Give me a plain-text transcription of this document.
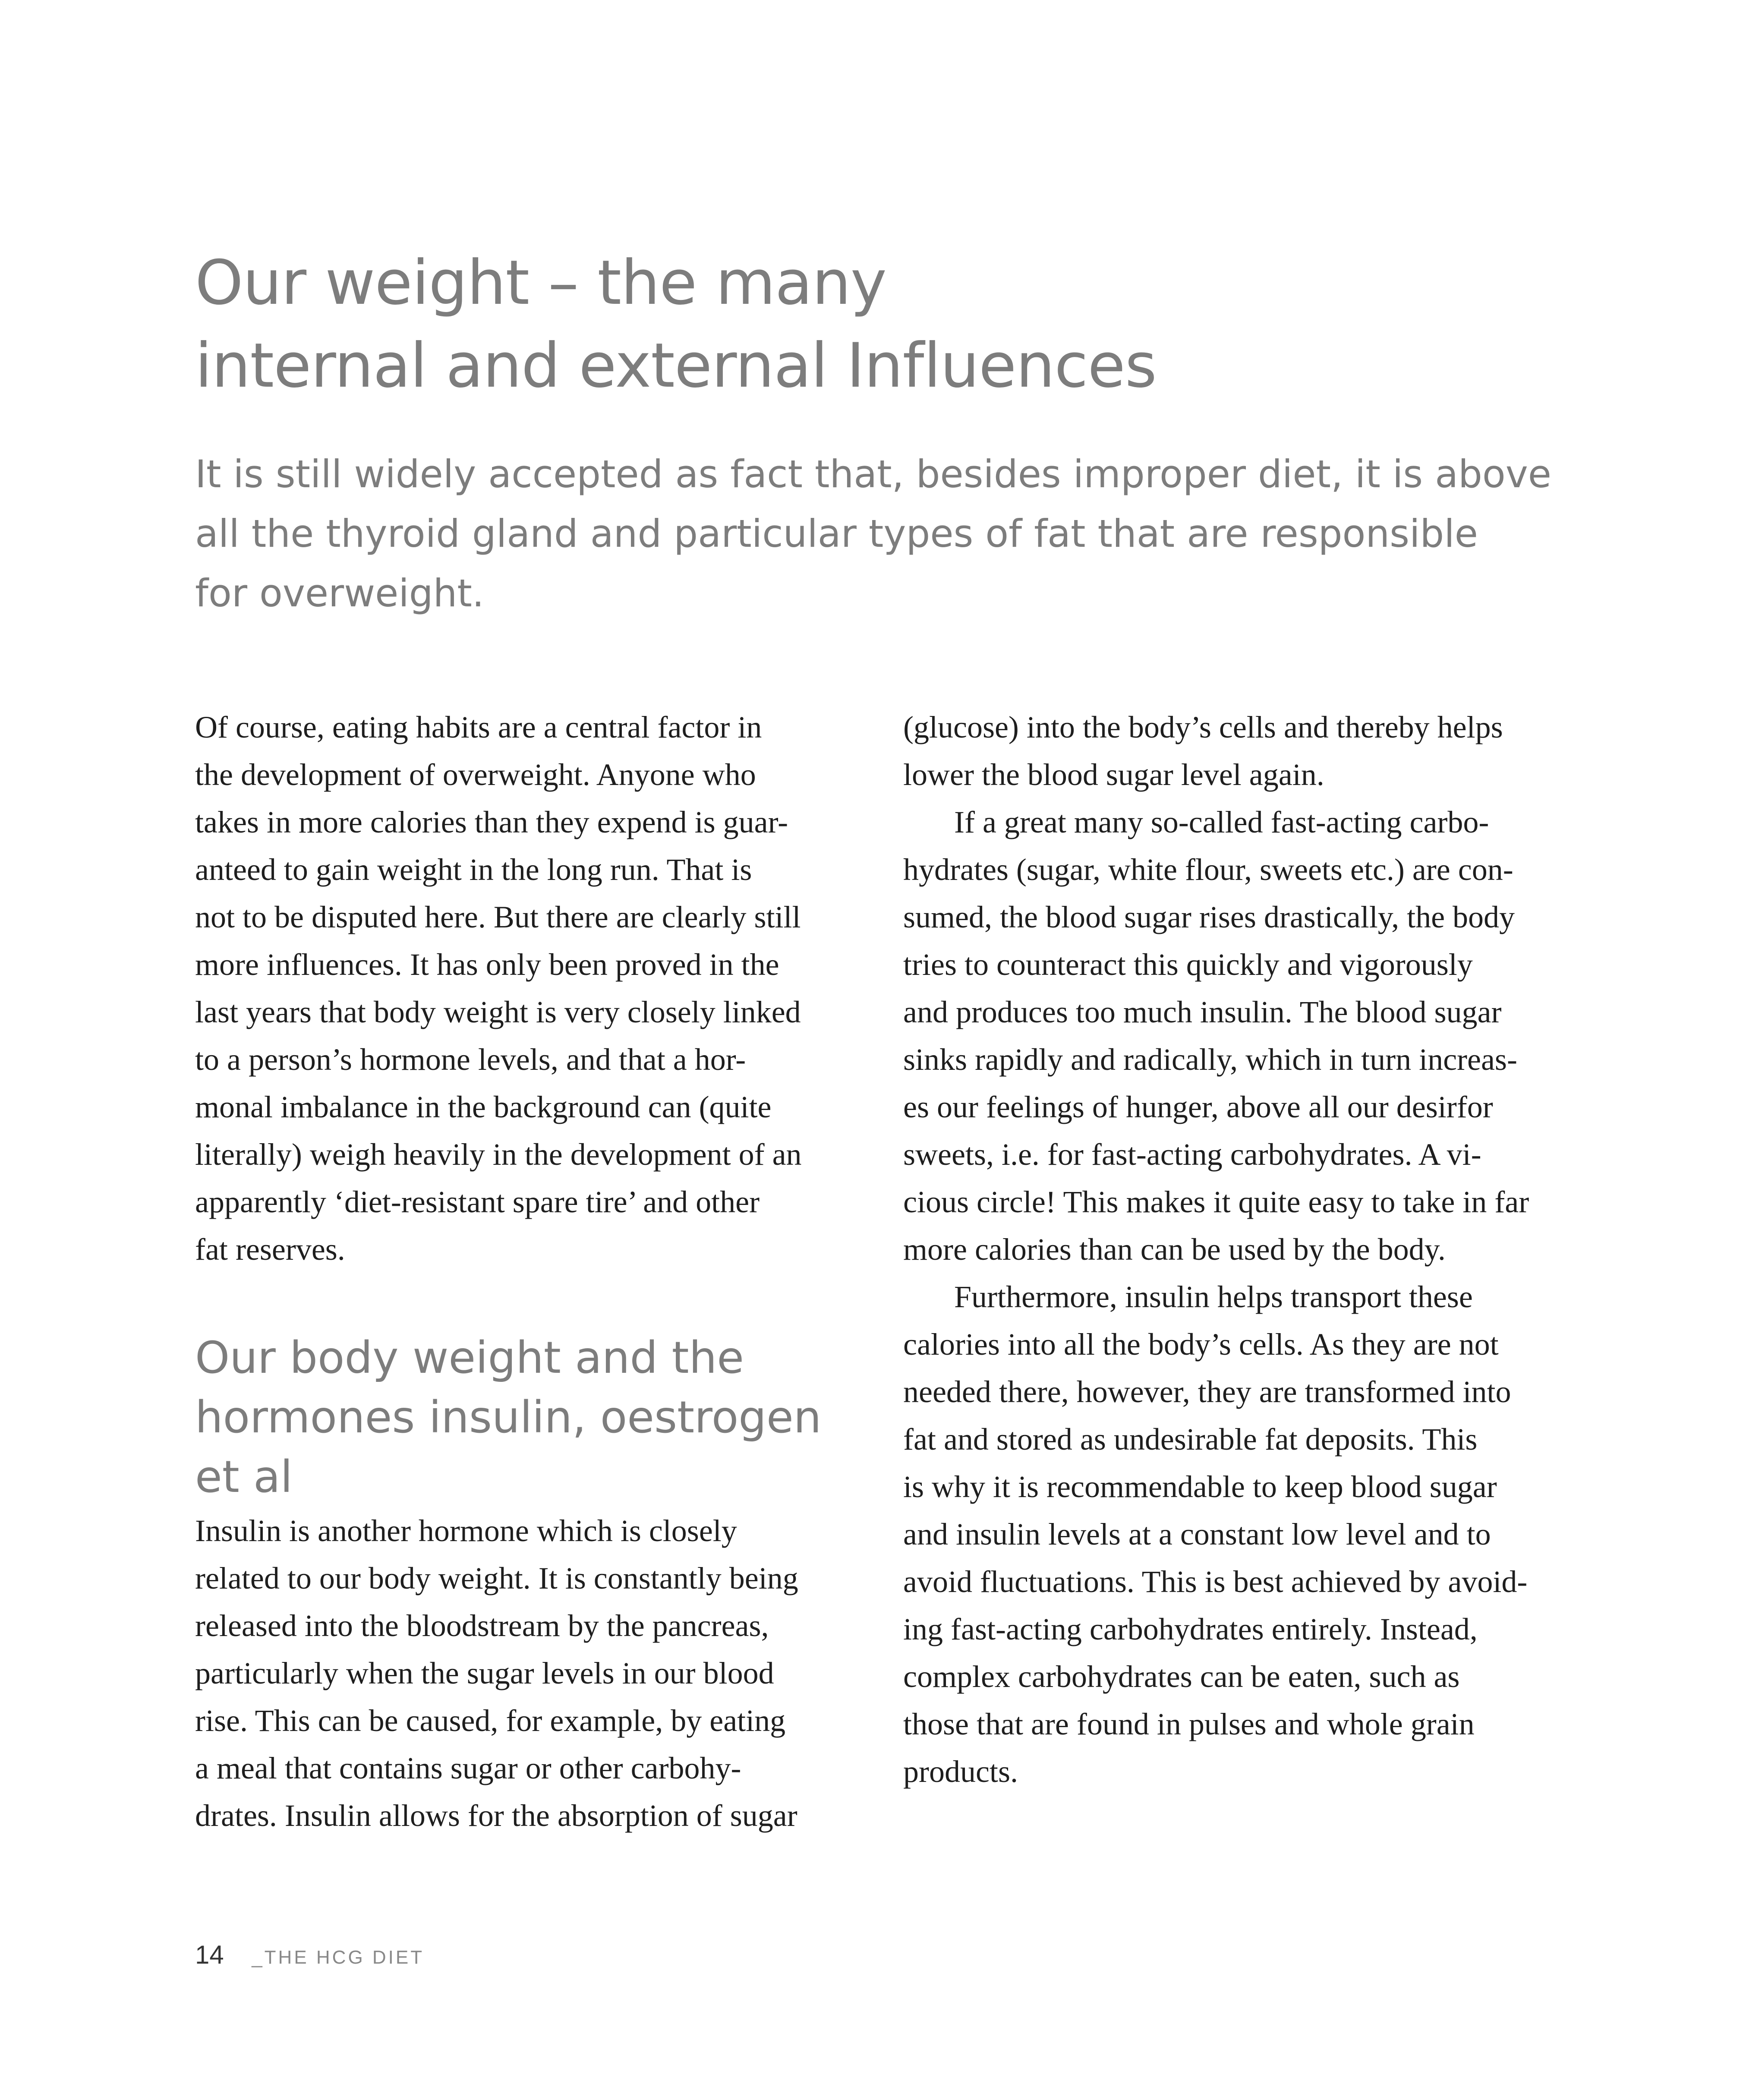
Our weight – the many
internal and external Influences
It is still widely accepted as fact that, besides improper diet, it is above
all the thyroid gland and particular types of fat that are responsible
for overweight.
Of course, eating habits are a central factor in
the development of overweight. Anyone who
takes in more calories than they expend is guar-
anteed to gain weight in the long run. That is
not to be disputed here. But there are clearly still
more influences. It has only been proved in the
last years that body weight is very closely linked
to a person’s hormone levels, and that a hor-
monal imbalance in the background can (quite
literally) weigh heavily in the development of an
apparently ‘diet-resistant spare tire’ and other
fat reserves.
Our body weight and the
hormones insulin, oestrogen
et al
Insulin is another hormone which is closely
related to our body weight. It is constantly being
released into the bloodstream by the pancreas,
particularly when the sugar levels in our blood
rise. This can be caused, for example, by eating
a meal that contains sugar or other carbohy-
drates. Insulin allows for the absorption of sugar
(glucose) into the body’s cells and thereby helps
lower the blood sugar level again.
If a great many so-called fast-acting carbo-
hydrates (sugar, white flour, sweets etc.) are con-
sumed, the blood sugar rises drastically, the body
tries to counteract this quickly and vigorously
and produces too much insulin. The blood sugar
sinks rapidly and radically, which in turn increas-
es our feelings of hunger, above all our desirfor
sweets, i.e. for fast-acting carbohydrates. A vi-
cious circle! This makes it quite easy to take in far
more calories than can be used by the body.
Furthermore, insulin helps transport these
calories into all the body’s cells. As they are not
needed there, however, they are transformed into
fat and stored as undesirable fat deposits. This
is why it is recommendable to keep blood sugar
and insulin levels at a constant low level and to
avoid fluctuations. This is best achieved by avoid-
ing fast-acting carbohydrates entirely. Instead,
complex carbohydrates can be eaten, such as
those that are found in pulses and whole grain
products.
14 _THE HCG DIET
